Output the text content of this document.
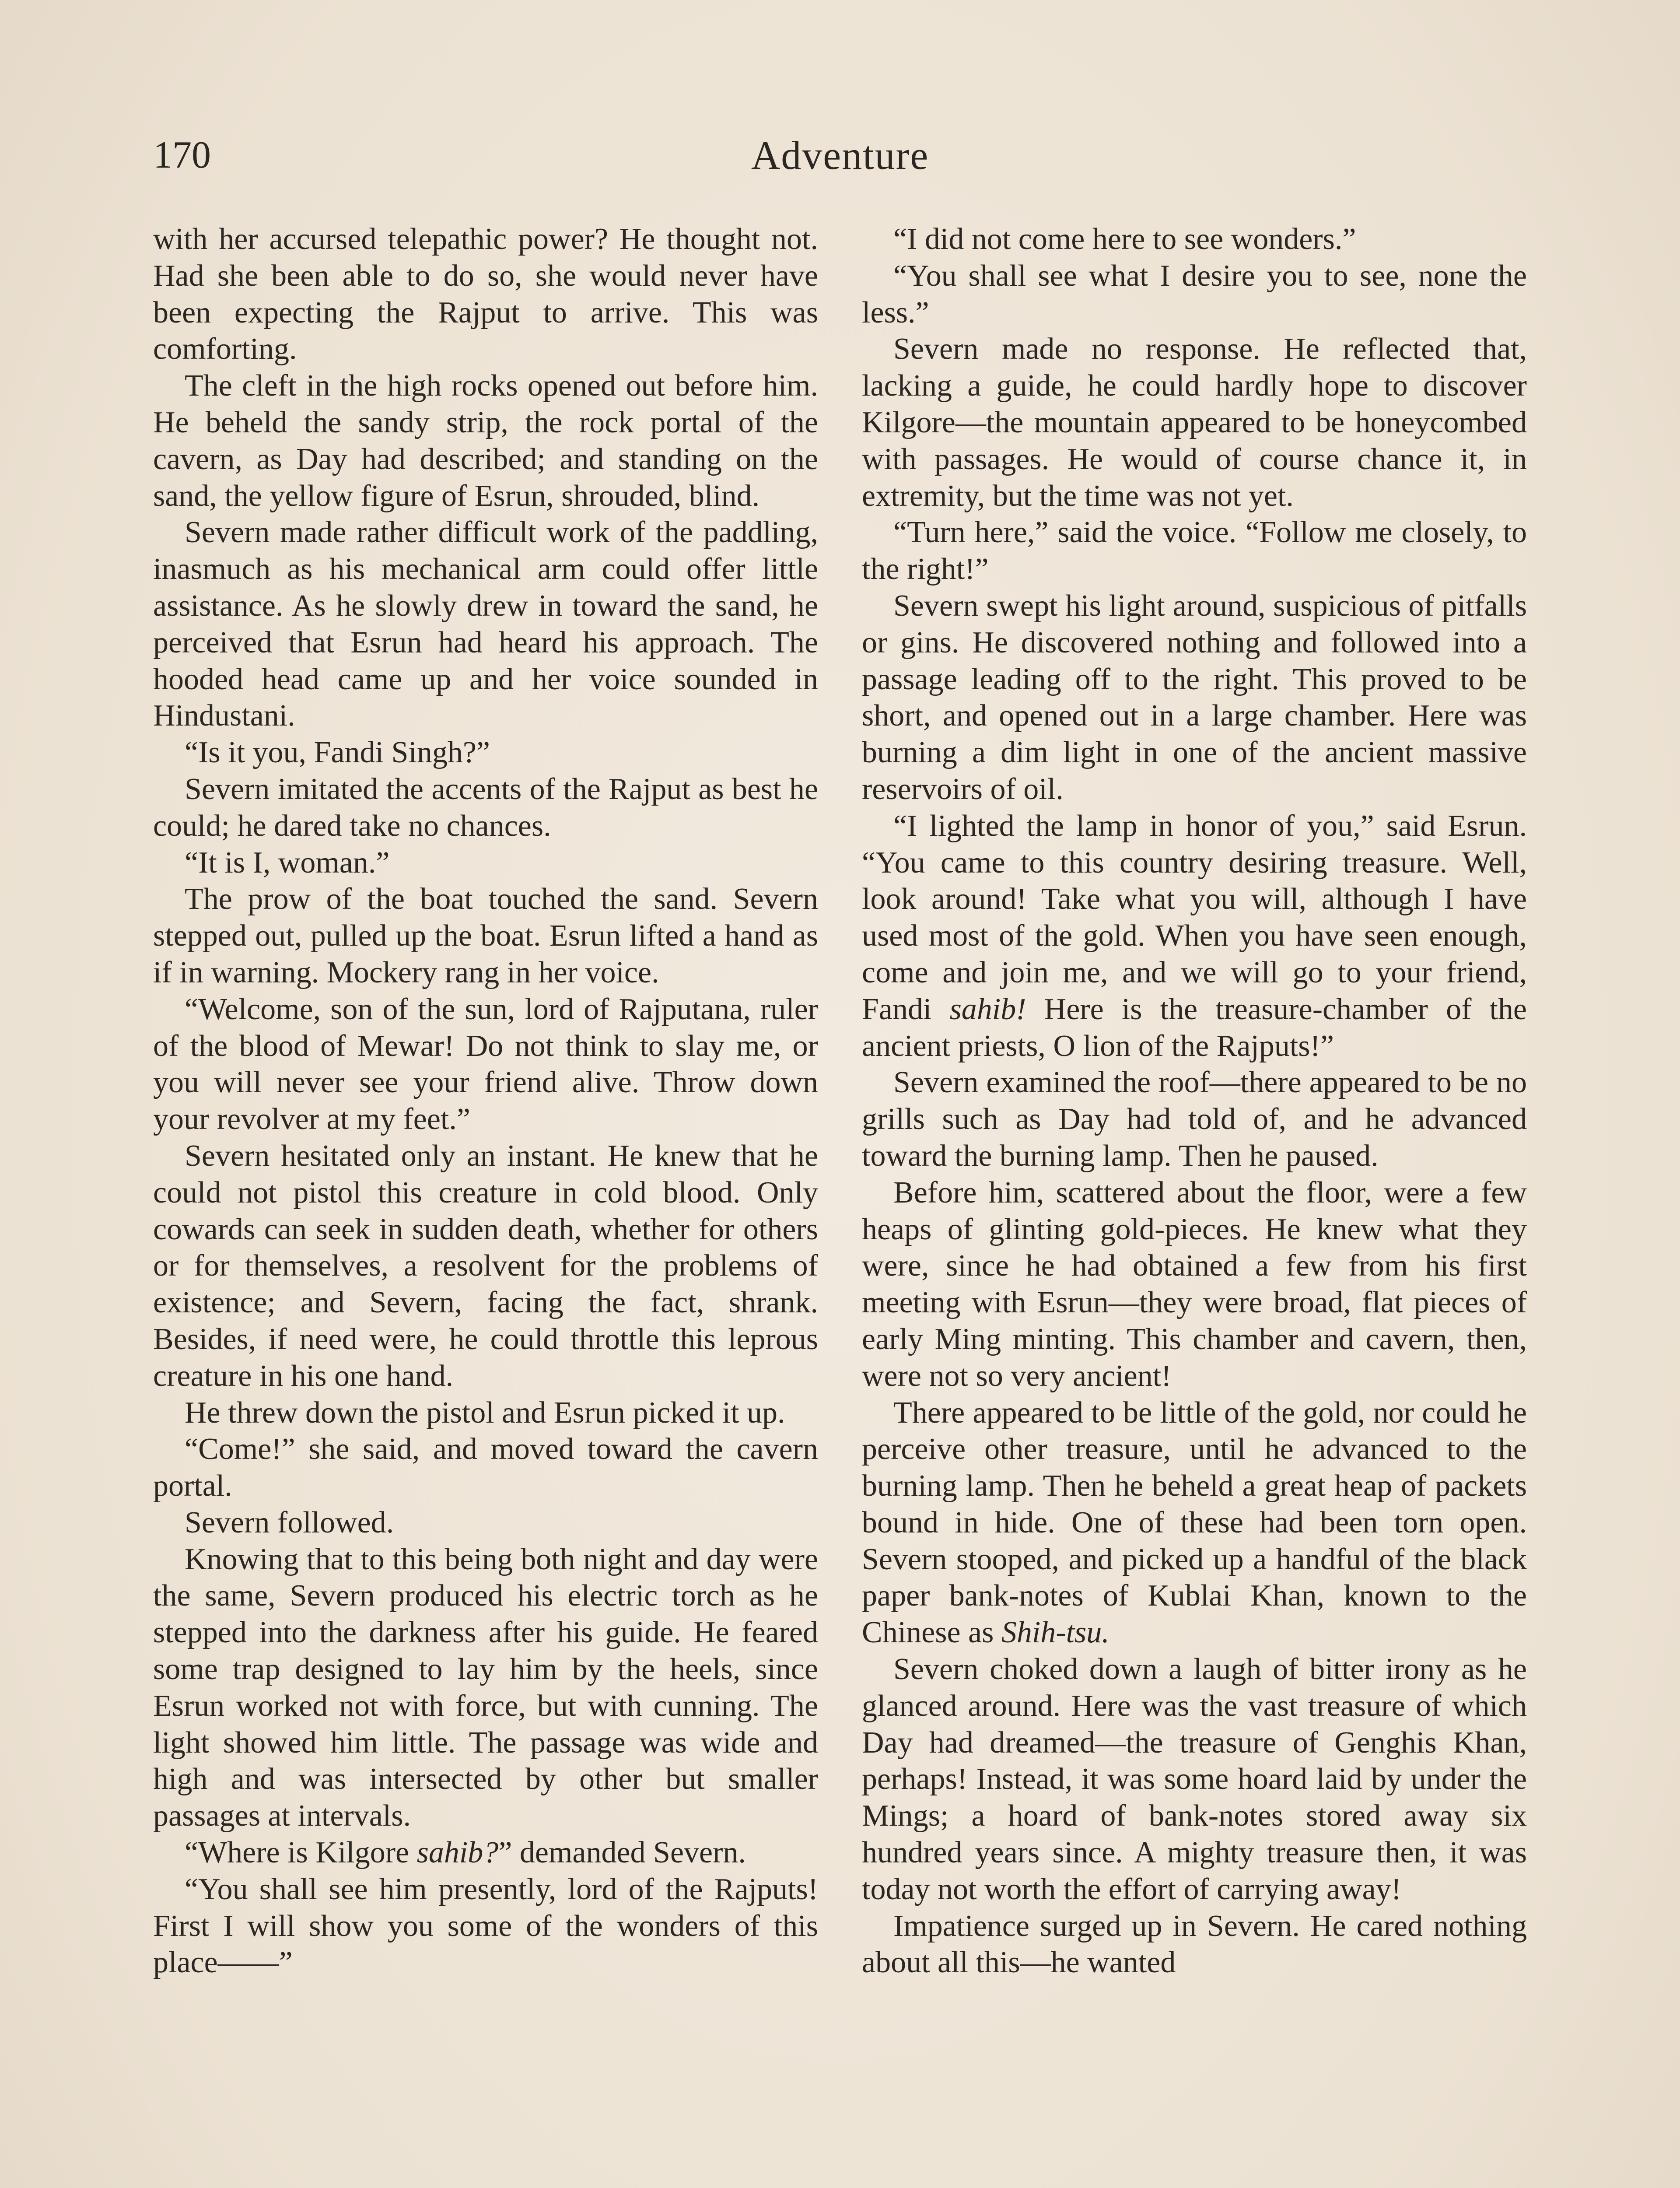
170	Adventure

with her accursed telepathic power? He thought not. Had she been able to do so, she would never have been expecting the Rajput to arrive. This was comforting.

The cleft in the high rocks opened out before him. He beheld the sandy strip, the rock portal of the cavern, as Day had described; and standing on the sand, the yellow figure of Esrun, shrouded, blind.

Severn made rather difficult work of the paddling, inasmuch as his mechanical arm could offer little assistance. As he slowly drew in toward the sand, he perceived that Esrun had heard his approach. The hooded head came up and her voice sounded in Hindustani.

“Is it you, Fandi Singh?”

Severn imitated the accents of the Rajput as best he could; he dared take no chances.

“It is I, woman.”

The prow of the boat touched the sand. Severn stepped out, pulled up the boat. Esrun lifted a hand as if in warning. Mockery rang in her voice.

“Welcome, son of the sun, lord of Rajputana, ruler of the blood of Mewar! Do not think to slay me, or you will never see your friend alive. Throw down your revolver at my feet.”

Severn hesitated only an instant. He knew that he could not pistol this creature in cold blood. Only cowards can seek in sudden death, whether for others or for themselves, a resolvent for the problems of existence; and Severn, facing the fact, shrank. Besides, if need were, he could throttle this leprous creature in his one hand.

He threw down the pistol and Esrun picked it up.

“Come!” she said, and moved toward the cavern portal.

Severn followed.

Knowing that to this being both night and day were the same, Severn produced his electric torch as he stepped into the darkness after his guide. He feared some trap designed to lay him by the heels, since Esrun worked not with force, but with cunning. The light showed him little. The passage was wide and high and was intersected by other but smaller passages at intervals.

“Where is Kilgore sahib?” demanded Severn.

“You shall see him presently, lord of the Rajputs! First I will show you some of the wonders of this place——”

“I did not come here to see wonders.”

“You shall see what I desire you to see, none the less.”

Severn made no response. He reflected that, lacking a guide, he could hardly hope to discover Kilgore—the mountain appeared to be honeycombed with passages. He would of course chance it, in extremity, but the time was not yet.

“Turn here,” said the voice. “Follow me closely, to the right!”

Severn swept his light around, suspicious of pitfalls or gins. He discovered nothing and followed into a passage leading off to the right. This proved to be short, and opened out in a large chamber. Here was burning a dim light in one of the ancient massive reservoirs of oil.

“I lighted the lamp in honor of you,” said Esrun. “You came to this country desiring treasure. Well, look around! Take what you will, although I have used most of the gold. When you have seen enough, come and join me, and we will go to your friend, Fandi sahib! Here is the treasure-chamber of the ancient priests, O lion of the Rajputs!”

Severn examined the roof—there appeared to be no grills such as Day had told of, and he advanced toward the burning lamp. Then he paused.

Before him, scattered about the floor, were a few heaps of glinting gold-pieces. He knew what they were, since he had obtained a few from his first meeting with Esrun—they were broad, flat pieces of early Ming minting. This chamber and cavern, then, were not so very ancient!

There appeared to be little of the gold, nor could he perceive other treasure, until he advanced to the burning lamp. Then he beheld a great heap of packets bound in hide. One of these had been torn open. Severn stooped, and picked up a handful of the black paper bank-notes of Kublai Khan, known to the Chinese as Shih-tsu.

Severn choked down a laugh of bitter irony as he glanced around. Here was the vast treasure of which Day had dreamed—the treasure of Genghis Khan, perhaps! Instead, it was some hoard laid by under the Mings; a hoard of bank-notes stored away six hundred years since. A mighty treasure then, it was today not worth the effort of carrying away!

Impatience surged up in Severn. He cared nothing about all this—he wanted
